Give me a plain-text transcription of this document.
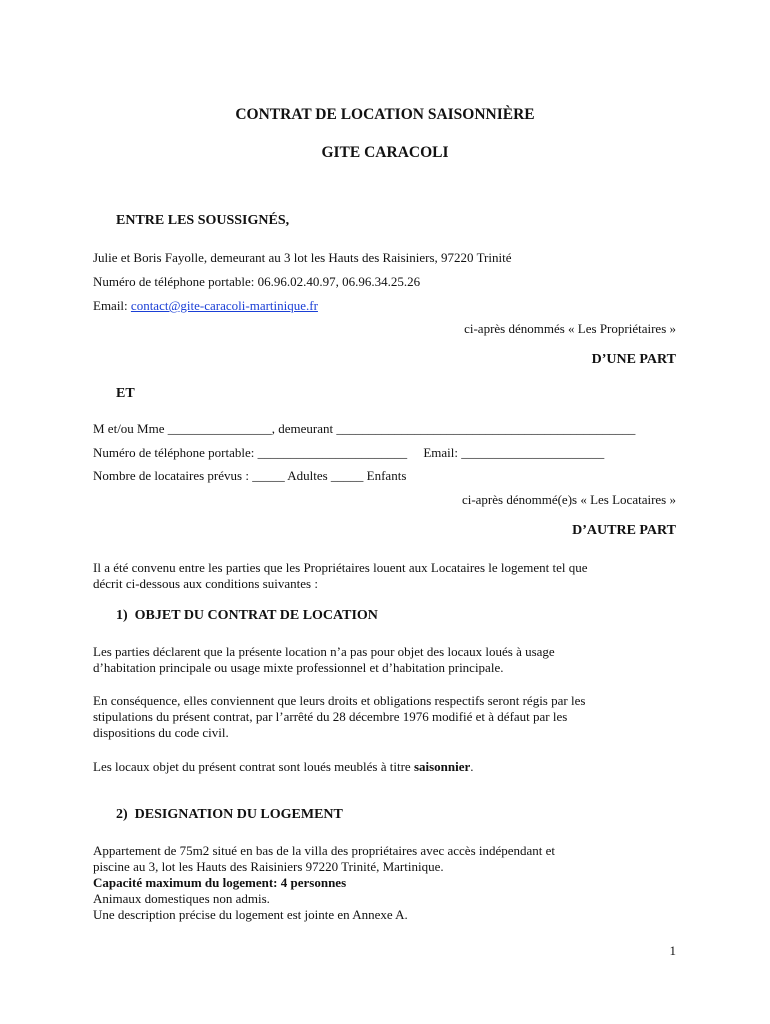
CONTRAT DE LOCATION SAISONNIÈRE
GITE CARACOLI
ENTRE LES SOUSSIGNÉS,
Julie et Boris Fayolle, demeurant au 3 lot les Hauts des Raisiniers, 97220 Trinité
Numéro de téléphone portable: 06.96.02.40.97, 06.96.34.25.26
Email: contact@gite-caracoli-martinique.fr
ci-après dénommés « Les Propriétaires »
D’UNE PART
ET
M et/ou Mme ________________, demeurant ______________________________________________
Numéro de téléphone portable: _______________________     Email: ______________________
Nombre de locataires prévus : _____ Adultes _____ Enfants
ci-après dénommé(e)s « Les Locataires »
D’AUTRE PART
Il a été convenu entre les parties que les Propriétaires louent aux Locataires le logement tel que
décrit ci-dessous aux conditions suivantes :
1)  OBJET DU CONTRAT DE LOCATION
Les parties déclarent que la présente location n’a pas pour objet des locaux loués à usage
d’habitation principale ou usage mixte professionnel et d’habitation principale.
En conséquence, elles conviennent que leurs droits et obligations respectifs seront régis par les
stipulations du présent contrat, par l’arrêté du 28 décembre 1976 modifié et à défaut par les
dispositions du code civil.
Les locaux objet du présent contrat sont loués meublés à titre saisonnier.
2)  DESIGNATION DU LOGEMENT
Appartement de 75m2 situé en bas de la villa des propriétaires avec accès indépendant et
piscine au 3, lot les Hauts des Raisiniers 97220 Trinité, Martinique.
Capacité maximum du logement: 4 personnes
Animaux domestiques non admis.
Une description précise du logement est jointe en Annexe A.
1
